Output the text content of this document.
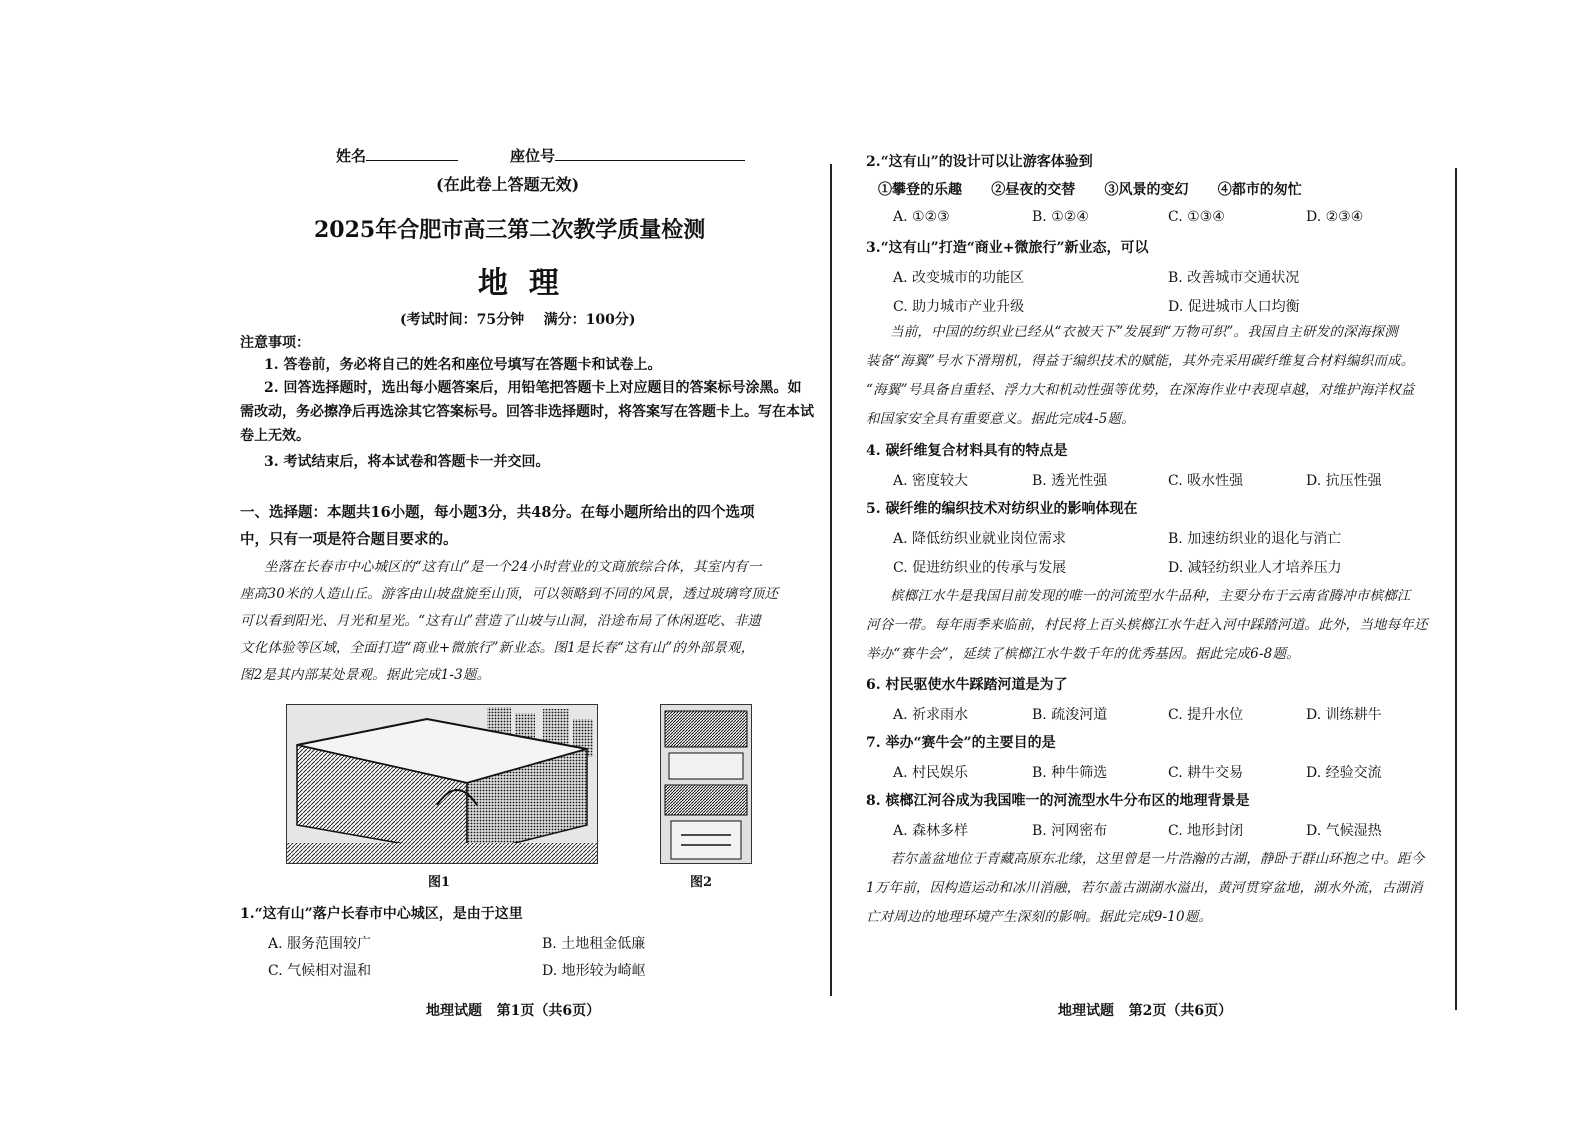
姓名	座位号
(在此卷上答题无效)
2025年合肥市高三第二次教学质量检测
地  理
(考试时间：75分钟    满分：100分)
注意事项：
1. 答卷前，务必将自己的姓名和座位号填写在答题卡和试卷上。
2. 回答选择题时，选出每小题答案后，用铅笔把答题卡上对应题目的答案标号涂黑。如
需改动，务必擦净后再选涂其它答案标号。回答非选择题时，将答案写在答题卡上。写在本试
卷上无效。
3. 考试结束后，将本试卷和答题卡一并交回。
一、选择题：本题共16小题，每小题3分，共48分。在每小题所给出的四个选项
中，只有一项是符合题目要求的。
坐落在长春市中心城区的“这有山”是一个24小时营业的文商旅综合体，其室内有一
座高30米的人造山丘。游客由山坡盘旋至山顶，可以领略到不同的风景，透过玻璃穹顶还
可以看到阳光、月光和星光。“这有山”营造了山坡与山洞，沿途布局了休闲逛吃、非遗
文化体验等区域，全面打造“商业+微旅行”新业态。图1是长春“这有山”的外部景观，
图2是其内部某处景观。据此完成1-3题。
图1	图2
1.“这有山”落户长春市中心城区，是由于这里
A. 服务范围较广	B. 土地租金低廉
C. 气候相对温和	D. 地形较为崎岖
地理试题   第1页（共6页）
2.“这有山”的设计可以让游客体验到
①攀登的乐趣      ②昼夜的交替      ③风景的变幻      ④都市的匆忙
A. ①②③	B. ①②④	C. ①③④	D. ②③④
3.“这有山”打造“商业+微旅行”新业态，可以
A. 改变城市的功能区	B. 改善城市交通状况
C. 助力城市产业升级	D. 促进城市人口均衡
当前，中国的纺织业已经从“衣被天下”发展到“万物可织”。我国自主研发的深海探测
装备“海翼”号水下滑翔机，得益于编织技术的赋能，其外壳采用碳纤维复合材料编织而成。
“海翼”号具备自重轻、浮力大和机动性强等优势，在深海作业中表现卓越，对维护海洋权益
和国家安全具有重要意义。据此完成4-5题。
4. 碳纤维复合材料具有的特点是
A. 密度较大	B. 透光性强	C. 吸水性强	D. 抗压性强
5. 碳纤维的编织技术对纺织业的影响体现在
A. 降低纺织业就业岗位需求	B. 加速纺织业的退化与消亡
C. 促进纺织业的传承与发展	D. 减轻纺织业人才培养压力
槟榔江水牛是我国目前发现的唯一的河流型水牛品种，主要分布于云南省腾冲市槟榔江
河谷一带。每年雨季来临前，村民将上百头槟榔江水牛赶入河中踩踏河道。此外，当地每年还
举办“赛牛会”，延续了槟榔江水牛数千年的优秀基因。据此完成6-8题。
6. 村民驱使水牛踩踏河道是为了
A. 祈求雨水	B. 疏浚河道	C. 提升水位	D. 训练耕牛
7. 举办“赛牛会”的主要目的是
A. 村民娱乐	B. 种牛筛选	C. 耕牛交易	D. 经验交流
8. 槟榔江河谷成为我国唯一的河流型水牛分布区的地理背景是
A. 森林多样	B. 河网密布	C. 地形封闭	D. 气候湿热
若尔盖盆地位于青藏高原东北缘，这里曾是一片浩瀚的古湖，静卧于群山环抱之中。距今
1万年前，因构造运动和冰川消融，若尔盖古湖湖水溢出，黄河贯穿盆地，湖水外流，古湖消
亡对周边的地理环境产生深刻的影响。据此完成9-10题。
地理试题   第2页（共6页）
